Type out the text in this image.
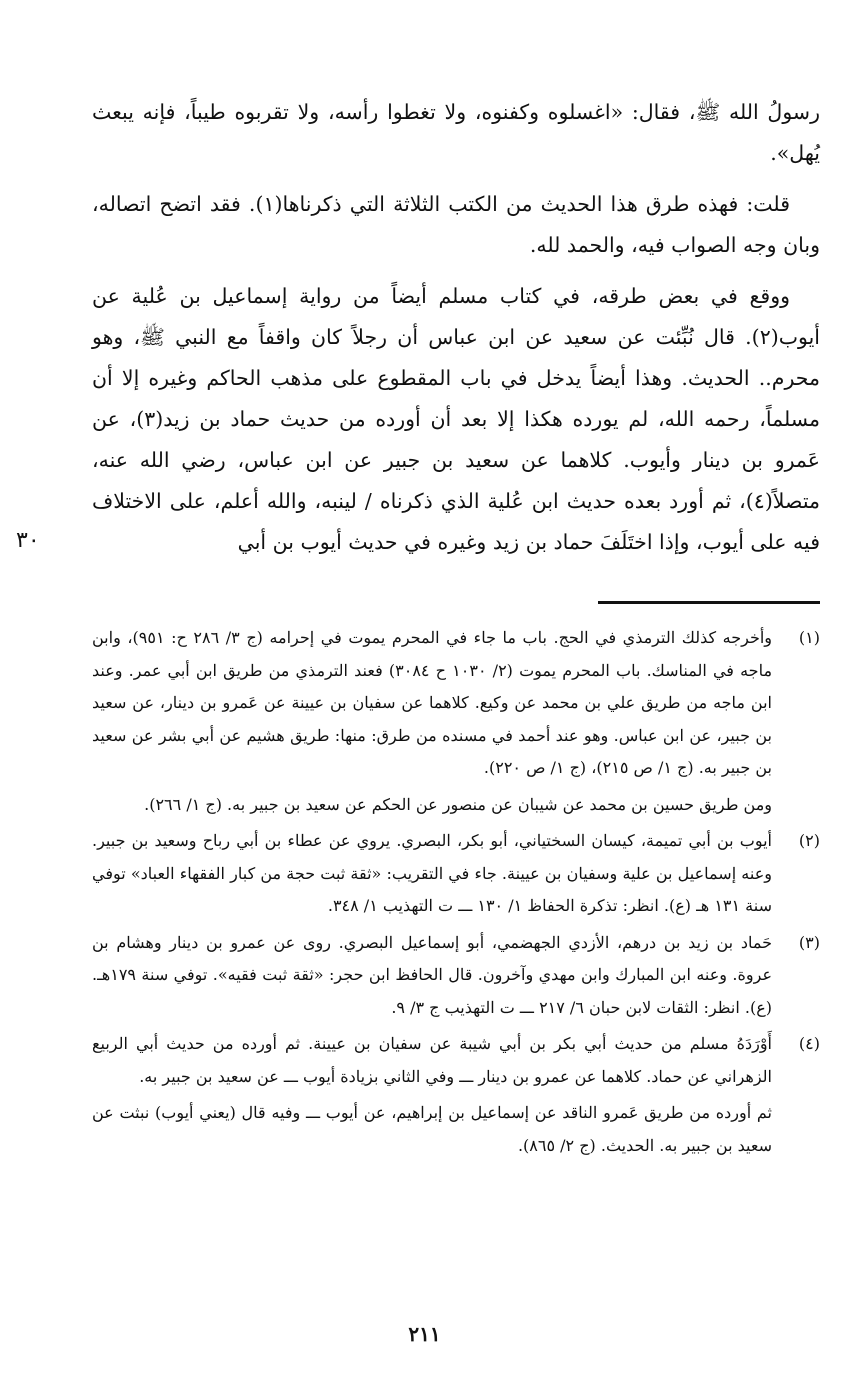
رسولُ الله ﷺ، فقال: «اغسلوه وكفنوه، ولا تغطوا رأسه، ولا تقربوه طيباً، فإنه يبعث يُهل».

قلت: فهذه طرق هذا الحديث من الكتب الثلاثة التي ذكرناها(١). فقد اتضح اتصاله، وبان وجه الصواب فيه، والحمد لله.

ووقع في بعض طرقه، في كتاب مسلم أيضاً من رواية إسماعيل بن عُلية عن أيوب(٢). قال نُبِّئت عن سعيد عن ابن عباس أن رجلاً كان واقفاً مع النبي ﷺ، وهو محرم.. الحديث. وهذا أيضاً يدخل في باب المقطوع على مذهب الحاكم وغيره إلا أن مسلماً، رحمه الله، لم يورده هكذا إلا بعد أن أورده من حديث حماد بن زيد(٣)، عن عَمرو بن دينار وأيوب. كلاهما عن سعيد بن جبير عن ابن عباس، رضي الله عنه، متصلاً(٤)، ثم أورد بعده حديث ابن عُلية الذي ذكرناه / لينبه، والله أعلم، على الاختلاف فيه على أيوب، وإذا اختَلَفَ حماد بن زيد وغيره في حديث أيوب بن أبي

٣٠
(١)

وأخرجه كذلك الترمذي في الحج. باب ما جاء في المحرم يموت في إحرامه (ج ٣/ ٢٨٦ ح: ٩٥١)، وابن ماجه في المناسك. باب المحرم يموت (٢/ ١٠٣٠ ح ٣٠٨٤) فعند الترمذي من طريق ابن أبي عمر. وعند ابن ماجه من طريق علي بن محمد عن وكيع. كلاهما عن سفيان بن عيينة عن عَمرو بن دينار، عن سعيد بن جبير، عن ابن عباس. وهو عند أحمد في مسنده من طرق: منها: طريق هشيم عن أبي بشر عن سعيد بن جبير به. (ج ١/ ص ٢١٥)، (ج ١/ ص ٢٢٠).

ومن طريق حسين بن محمد عن شيبان عن منصور عن الحكم عن سعيد بن جبير به. (ج ١/ ٢٦٦).

(٢)

أيوب بن أبي تميمة، كيسان السختياني، أبو بكر، البصري. يروي عن عطاء بن أبي رباح وسعيد بن جبير. وعنه إسماعيل بن علية وسفيان بن عيينة. جاء في التقريب: «ثقة ثبت حجة من كبار الفقهاء العباد» توفي سنة ١٣١ هـ (ع). انظر: تذكرة الحفاظ ١/ ١٣٠ ـــ ت التهذيب ١/ ٣٤٨.

(٣)

حَماد بن زيد بن درهم، الأزدي الجهضمي، أبو إسماعيل البصري. روى عن عمرو بن دينار وهشام بن عروة. وعنه ابن المبارك وابن مهدي وآخرون. قال الحافظ ابن حجر: «ثقة ثبت فقيه». توفي سنة ١٧٩هـ. (ع). انظر: الثقات لابن حبان ٦/ ٢١٧ ـــ ت التهذيب ج ٣/ ٩.

(٤)

أَوْرَدَهُ مسلم من حديث أبي بكر بن أبي شيبة عن سفيان بن عيينة. ثم أورده من حديث أبي الربيع الزهراني عن حماد. كلاهما عن عمرو بن دينار ـــ وفي الثاني بزيادة أيوب ـــ عن سعيد بن جبير به.

ثم أورده من طريق عَمرو الناقد عن إسماعيل بن إبراهيم، عن أيوب ـــ وفيه قال (يعني أيوب) نبثت عن سعيد بن جبير به. الحديث. (ج ٢/ ٨٦٥).

٢١١
